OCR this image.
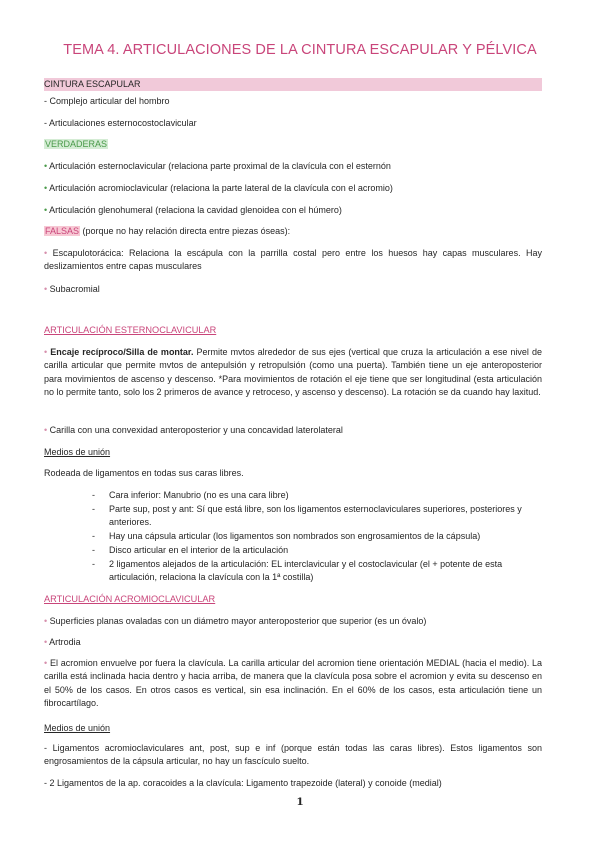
TEMA 4. ARTICULACIONES DE LA CINTURA ESCAPULAR Y PÉLVICA
CINTURA ESCAPULAR
- Complejo articular del hombro
- Articulaciones esternocostoclavicular
VERDADERAS
• Articulación esternoclavicular (relaciona parte proximal de la clavícula con el esternón
• Articulación acromioclavicular (relaciona la parte lateral de la clavícula con el acromio)
• Articulación glenohumeral (relaciona la cavidad glenoidea con el húmero)
FALSAS (porque no hay relación directa entre piezas óseas):
• Escapulotorácica: Relaciona la escápula con la parrilla costal pero entre los huesos hay capas musculares. Hay deslizamientos entre capas musculares
• Subacromial
ARTICULACIÓN ESTERNOCLAVICULAR
• Encaje recíproco/Silla de montar. Permite mvtos alrededor de sus ejes (vertical que cruza la articulación a ese nivel de carilla articular que permite mvtos de antepulsión y retropulsión (como una puerta). También tiene un eje anteroposterior para movimientos de ascenso y descenso. *Para movimientos de rotación el eje tiene que ser longitudinal (esta articulación no lo permite tanto, solo los 2 primeros de avance y retroceso, y ascenso y descenso). La rotación se da cuando hay laxitud.
• Carilla con una convexidad anteroposterior y una concavidad laterolateral
Medios de unión
Rodeada de ligamentos en todas sus caras libres.
- Cara inferior: Manubrio (no es una cara libre)
- Parte sup, post y ant: Sí que está libre, son los ligamentos esternoclaviculares superiores, posteriores y anteriores.
- Hay una cápsula articular (los ligamentos son nombrados son engrosamientos de la cápsula)
- Disco articular en el interior de la articulación
- 2 ligamentos alejados de la articulación: EL interclavicular y el costoclavicular (el + potente de esta articulación, relaciona la clavícula con la 1ª costilla)
ARTICULACIÓN ACROMIOCLAVICULAR
• Superficies planas ovaladas con un diámetro mayor anteroposterior que superior (es un óvalo)
• Artrodia
• El acromion envuelve por fuera la clavícula. La carilla articular del acromion tiene orientación MEDIAL (hacia el medio). La carilla está inclinada hacia dentro y hacia arriba, de manera que la clavícula posa sobre el acromion y evita su descenso en el 50% de los casos. En otros casos es vertical, sin esa inclinación. En el 60% de los casos, esta articulación tiene un fibrocartílago.
Medios de unión
- Ligamentos acromioclaviculares ant, post, sup e inf (porque están todas las caras libres). Estos ligamentos son engrosamientos de la cápsula articular, no hay un fascículo suelto.
- 2 Ligamentos de la ap. coracoides a la clavícula: Ligamento trapezoide (lateral) y conoide (medial)
1
